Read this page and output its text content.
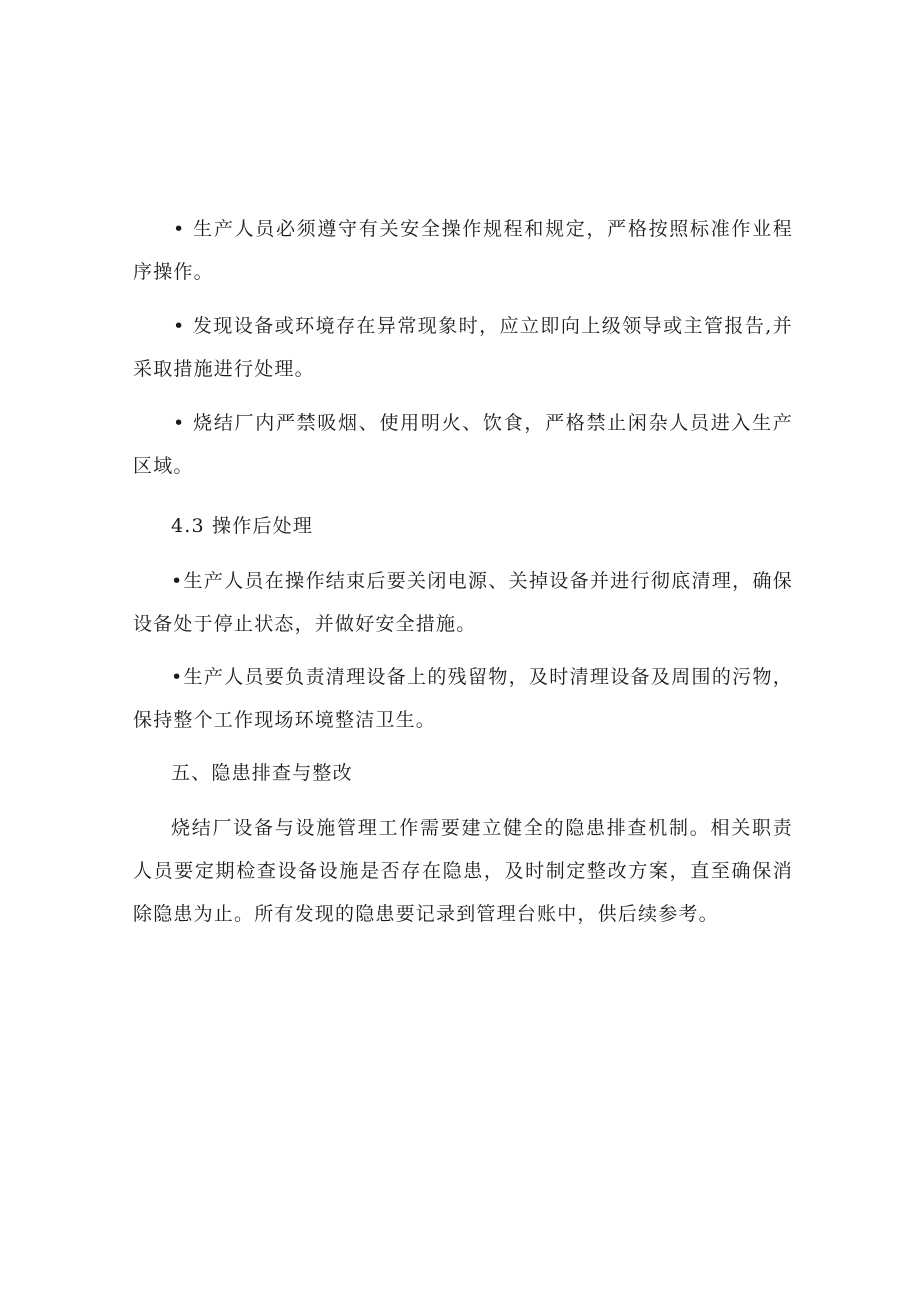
• 生产人员必须遵守有关安全操作规程和规定，严格按照标准作业程序操作。

• 发现设备或环境存在异常现象时，应立即向上级领导或主管报告,并采取措施进行处理。

• 烧结厂内严禁吸烟、使用明火、饮食，严格禁止闲杂人员进入生产区域。

4.3 操作后处理

•生产人员在操作结束后要关闭电源、关掉设备并进行彻底清理，确保设备处于停止状态，并做好安全措施。

•生产人员要负责清理设备上的残留物，及时清理设备及周围的污物，保持整个工作现场环境整洁卫生。

五、隐患排查与整改

烧结厂设备与设施管理工作需要建立健全的隐患排查机制。相关职责人员要定期检查设备设施是否存在隐患，及时制定整改方案，直至确保消除隐患为止。所有发现的隐患要记录到管理台账中，供后续参考。
